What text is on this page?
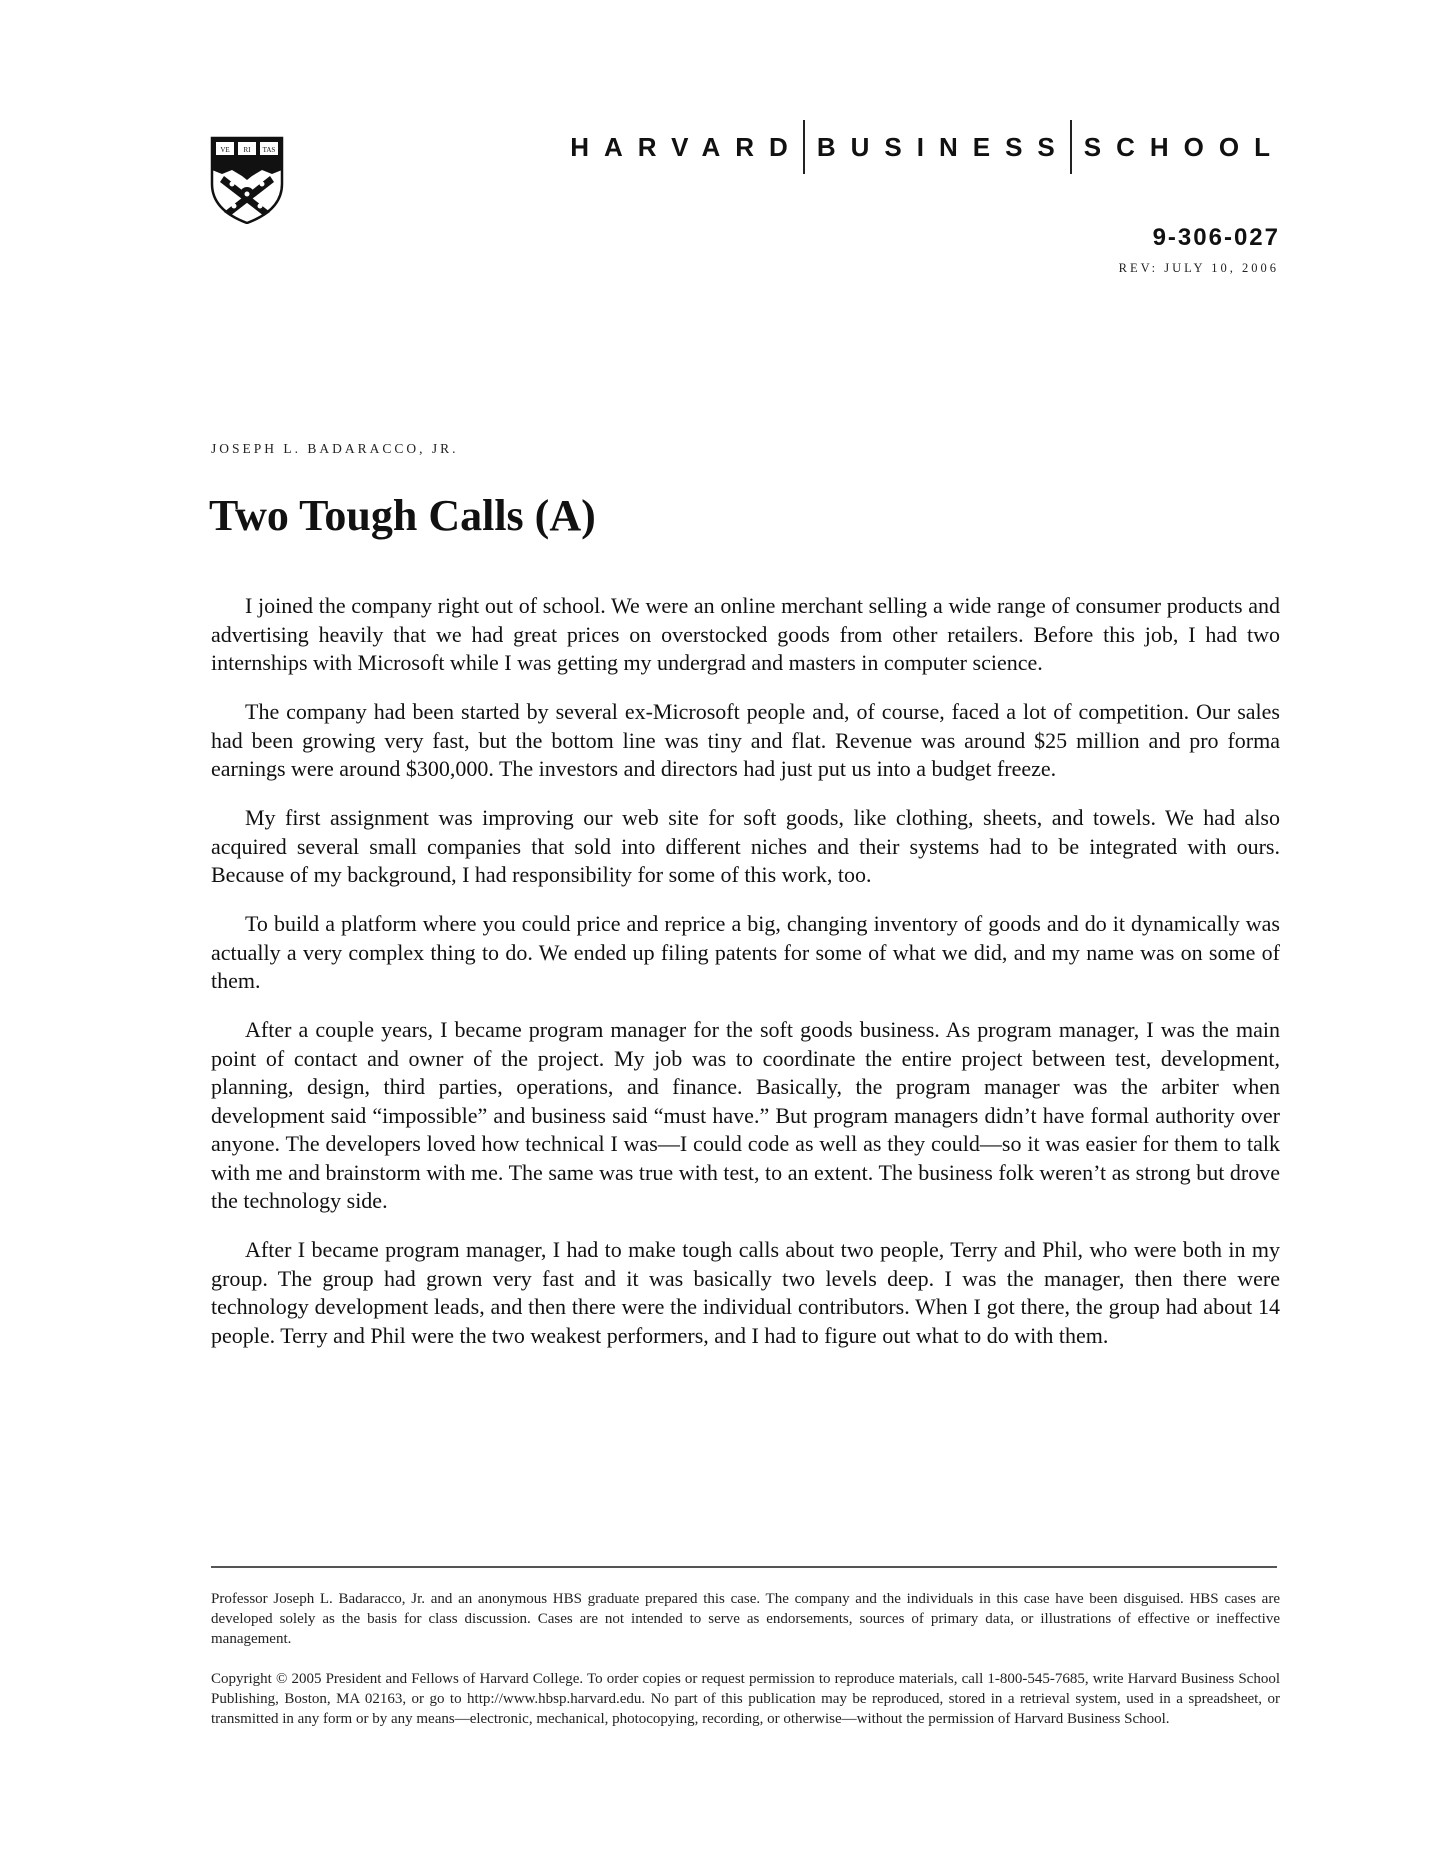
VE RI TAS	HARVARD BUSINESS SCHOOL
9-306-027
REV: JULY 10, 2006
JOSEPH L. BADARACCO, JR.
Two Tough Calls (A)

I joined the company right out of school. We were an online merchant selling a wide range of consumer products and advertising heavily that we had great prices on overstocked goods from other retailers. Before this job, I had two internships with Microsoft while I was getting my undergrad and masters in computer science.

The company had been started by several ex-Microsoft people and, of course, faced a lot of competition. Our sales had been growing very fast, but the bottom line was tiny and flat. Revenue was around $25 million and pro forma earnings were around $300,000. The investors and directors had just put us into a budget freeze.

My first assignment was improving our web site for soft goods, like clothing, sheets, and towels. We had also acquired several small companies that sold into different niches and their systems had to be integrated with ours. Because of my background, I had responsibility for some of this work, too.

To build a platform where you could price and reprice a big, changing inventory of goods and do it dynamically was actually a very complex thing to do. We ended up filing patents for some of what we did, and my name was on some of them.

After a couple years, I became program manager for the soft goods business. As program manager, I was the main point of contact and owner of the project. My job was to coordinate the entire project between test, development, planning, design, third parties, operations, and finance. Basically, the program manager was the arbiter when development said “impossible” and business said “must have.” But program managers didn’t have formal authority over anyone. The developers loved how technical I was—I could code as well as they could—so it was easier for them to talk with me and brainstorm with me. The same was true with test, to an extent. The business folk weren’t as strong but drove the technology side.

After I became program manager, I had to make tough calls about two people, Terry and Phil, who were both in my group. The group had grown very fast and it was basically two levels deep. I was the manager, then there were technology development leads, and then there were the individual contributors. When I got there, the group had about 14 people. Terry and Phil were the two weakest performers, and I had to figure out what to do with them.

Professor Joseph L. Badaracco, Jr. and an anonymous HBS graduate prepared this case. The company and the individuals in this case have been disguised. HBS cases are developed solely as the basis for class discussion. Cases are not intended to serve as endorsements, sources of primary data, or illustrations of effective or ineffective management.

Copyright © 2005 President and Fellows of Harvard College. To order copies or request permission to reproduce materials, call 1-800-545-7685, write Harvard Business School Publishing, Boston, MA 02163, or go to http://www.hbsp.harvard.edu. No part of this publication may be reproduced, stored in a retrieval system, used in a spreadsheet, or transmitted in any form or by any means—electronic, mechanical, photocopying, recording, or otherwise—without the permission of Harvard Business School.
